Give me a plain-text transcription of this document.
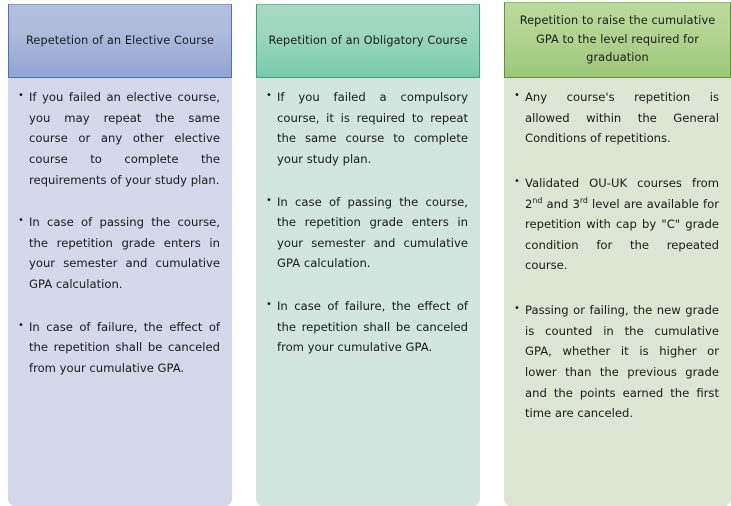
Repetetion of an Elective Course
• If you failed an elective course, you may repeat the same course or any other elective course to complete the requirements of your study plan.
• In case of passing the course, the repetition grade enters in your semester and cumulative GPA calculation.
• In case of failure, the effect of the repetition shall be canceled from your cumulative GPA.
Repetition of an Obligatory Course
• If you failed a compulsory course, it is required to repeat the same course to complete your study plan.
• In case of passing the course, the repetition grade enters in your semester and cumulative GPA calculation.
• In case of failure, the effect of the repetition shall be canceled from your cumulative GPA.
Repetition to raise the cumulative GPA to the level required for graduation
• Any course's repetition is allowed within the General Conditions of repetitions.
• Validated OU-UK courses from 2nd and 3rd level are available for repetition with cap by "C" grade condition for the repeated course.
• Passing or failing, the new grade is counted in the cumulative GPA, whether it is higher or lower than the previous grade and the points earned the first time are canceled.
